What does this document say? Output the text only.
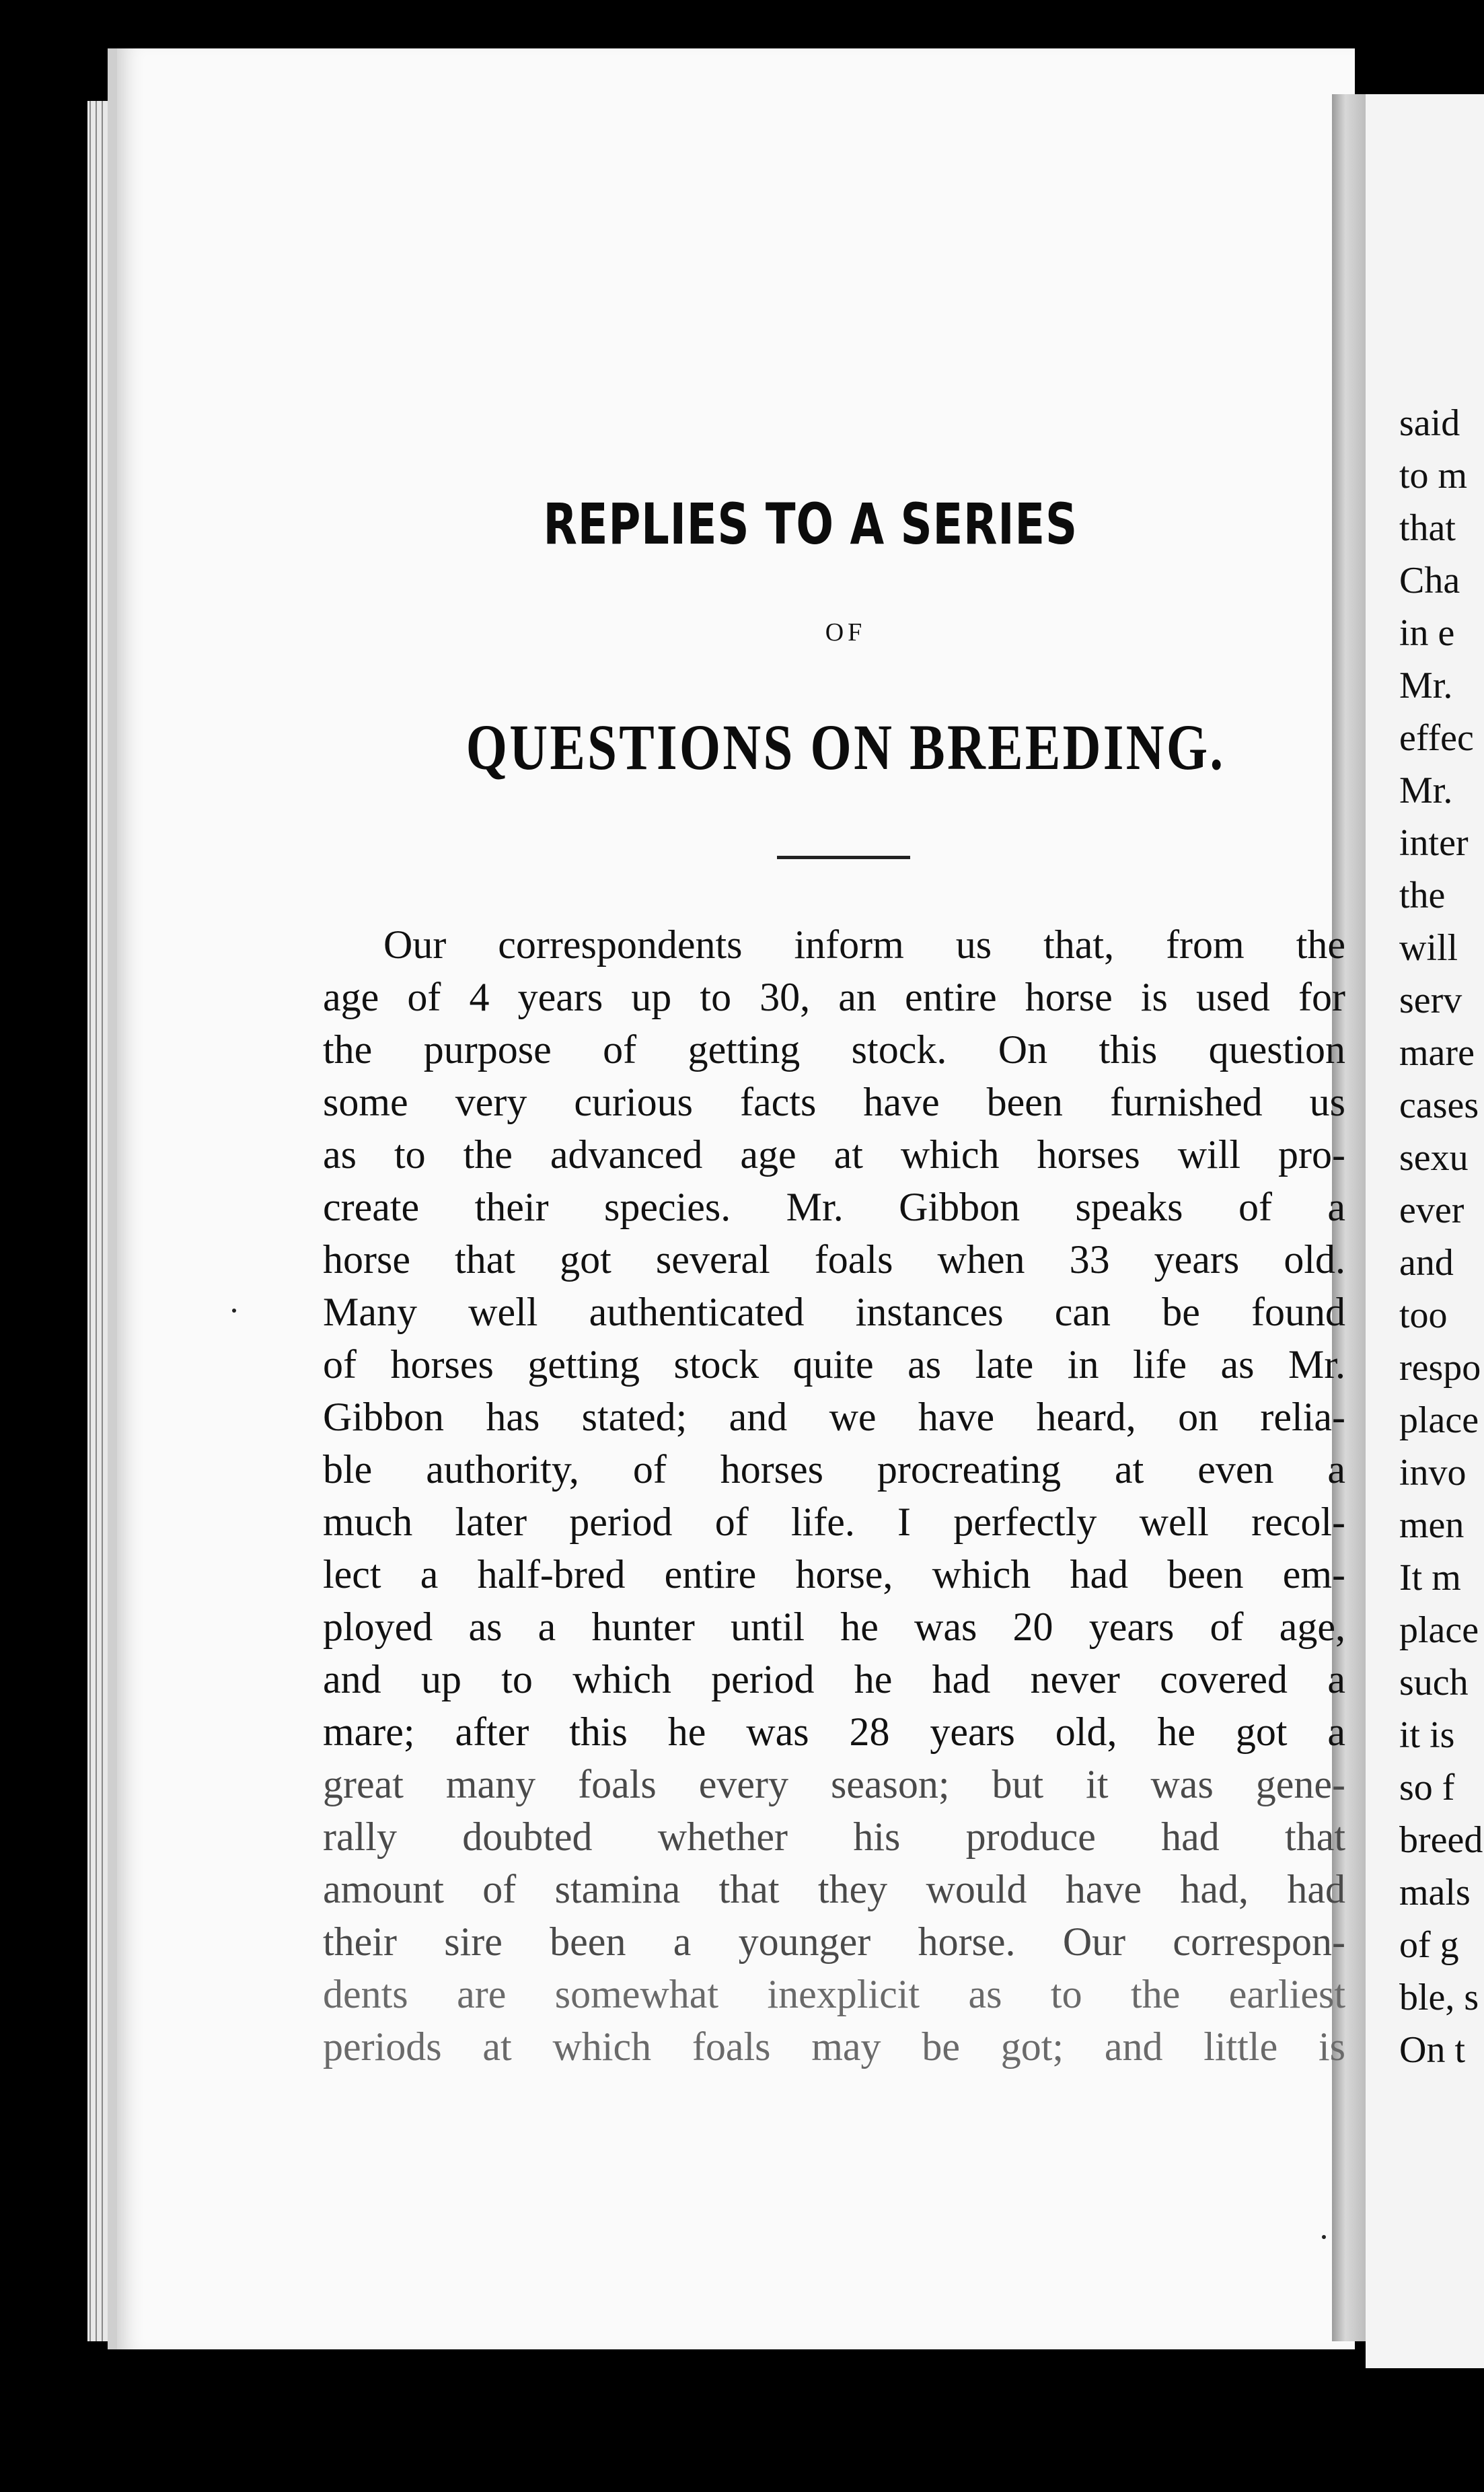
REPLIES TO A SERIES
OF
QUESTIONS ON BREEDING.
Our correspondents inform us that, from the
age of 4 years up to 30, an entire horse is used for
the purpose of getting stock. On this question
some very curious facts have been furnished us
as to the advanced age at which horses will pro-
create their species. Mr. Gibbon speaks of a
horse that got several foals when 33 years old.
Many well authenticated instances can be found
of horses getting stock quite as late in life as Mr.
Gibbon has stated; and we have heard, on relia-
ble authority, of horses procreating at even a
much later period of life. I perfectly well recol-
lect a half-bred entire horse, which had been em-
ployed as a hunter until he was 20 years of age,
and up to which period he had never covered a
mare; after this he was 28 years old, he got a
great many foals every season; but it was gene-
rally doubted whether his produce had that
amount of stamina that they would have had, had
their sire been a younger horse. Our correspon-
dents are somewhat inexplicit as to the earliest
periods at which foals may be got; and little is
said
to m
that
Cha
in e
Mr.
effec
Mr.
inter
the
will
serv
mare
cases
sexu
ever
and
too
respo
place
invo
men
It m
place
such
it is
so f
breed
mals
of g
ble, s
On t
